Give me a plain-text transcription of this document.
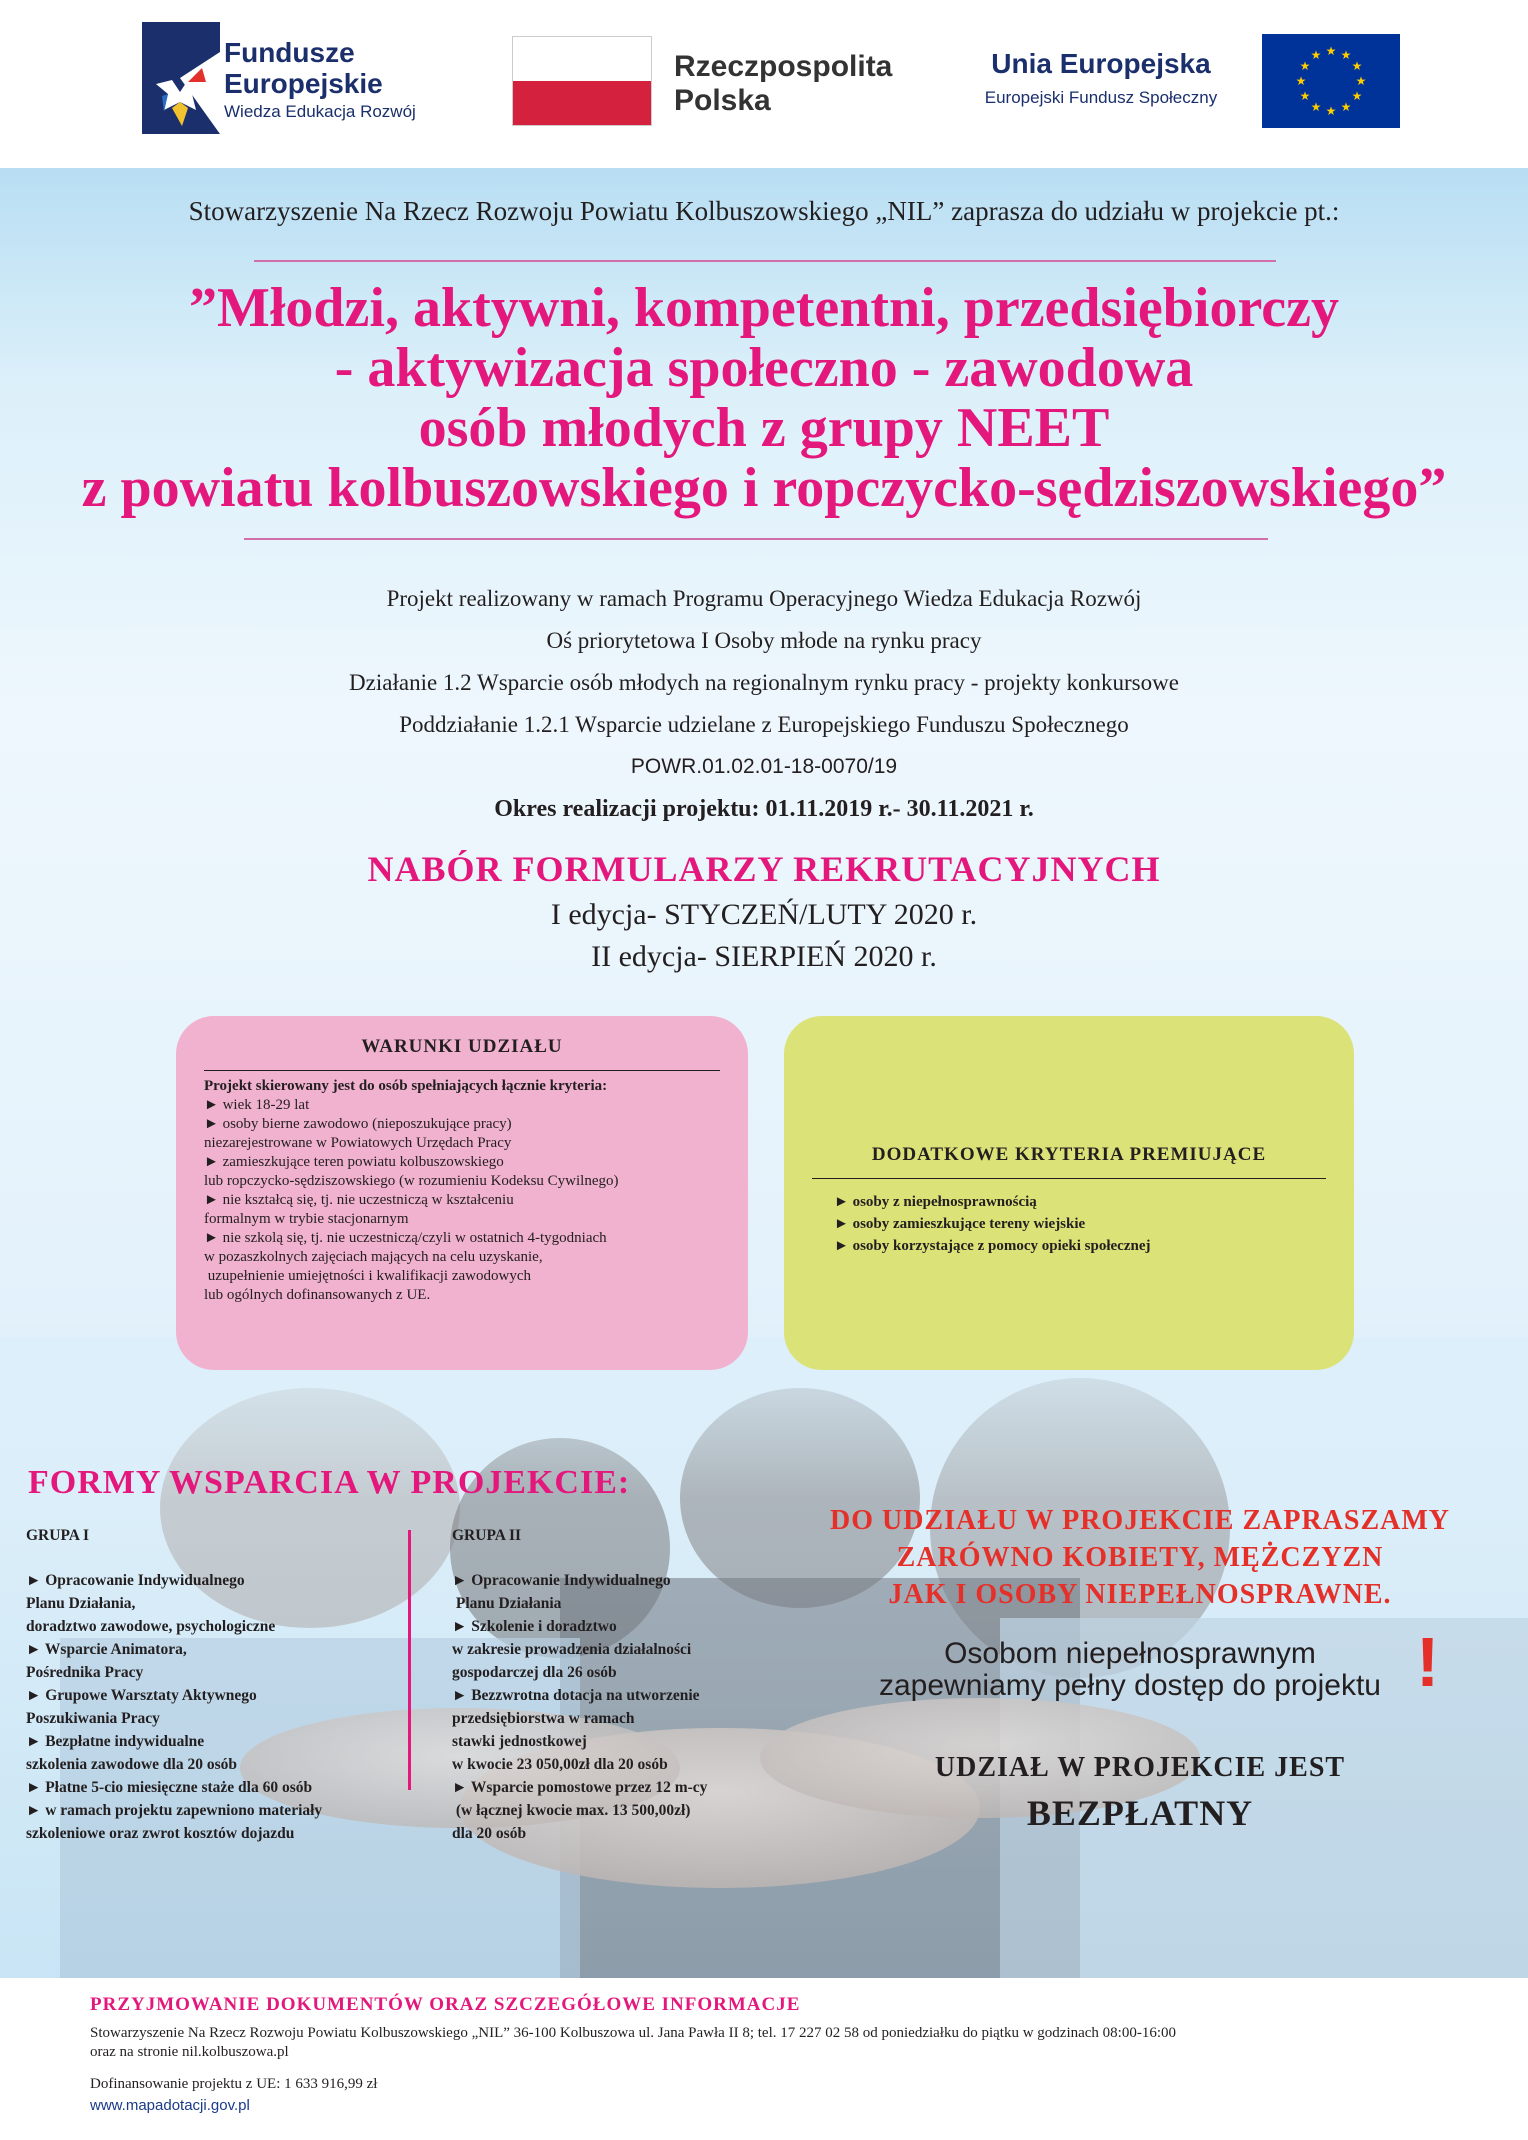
Fundusze
Europejskie
Wiedza Edukacja Rozwój
Rzeczpospolita
Polska
Unia Europejska
Europejski Fundusz Społeczny
★ ★
★
★
★
★
★
★
★
★
★
★
Stowarzyszenie Na Rzecz Rozwoju Powiatu Kolbuszowskiego „NIL” zaprasza do udziału w projekcie pt.:
”Młodzi, aktywni, kompetentni, przedsiębiorczy
- aktywizacja społeczno - zawodowa
osób młodych z grupy NEET
z powiatu kolbuszowskiego i ropczycko-sędziszowskiego”
Projekt realizowany w ramach Programu Operacyjnego Wiedza Edukacja Rozwój
Oś priorytetowa I Osoby młode na rynku pracy
Działanie 1.2 Wsparcie osób młodych na regionalnym rynku pracy - projekty konkursowe
Poddziałanie 1.2.1 Wsparcie udzielane z Europejskiego Funduszu Społecznego
POWR.01.02.01-18-0070/19
Okres realizacji projektu: 01.11.2019 r.- 30.11.2021 r.
NABÓR FORMULARZY REKRUTACYJNYCH
I edycja- STYCZEŃ/LUTY 2020 r.
II edycja- SIERPIEŃ 2020 r.
WARUNKI UDZIAŁU
Projekt skierowany jest do osób spełniających łącznie kryteria:
► wiek 18-29 lat
► osoby bierne zawodowo (nieposzukujące pracy)
niezarejestrowane w Powiatowych Urzędach Pracy
► zamieszkujące teren powiatu kolbuszowskiego
lub ropczycko-sędziszowskiego (w rozumieniu Kodeksu Cywilnego)
► nie kształcą się, tj. nie uczestniczą w kształceniu
formalnym w trybie stacjonarnym
► nie szkolą się, tj. nie uczestniczą/czyli w ostatnich 4-tygodniach
w pozaszkolnych zajęciach mających na celu uzyskanie,
uzupełnienie umiejętności i kwalifikacji zawodowych
lub ogólnych dofinansowanych z UE.
DODATKOWE KRYTERIA PREMIUJĄCE
► osoby z niepełnosprawnością
► osoby zamieszkujące tereny wiejskie
► osoby korzystające z pomocy opieki społecznej
FORMY WSPARCIA W PROJEKCIE:
GRUPA I
► Opracowanie Indywidualnego
Planu Działania,
doradztwo zawodowe, psychologiczne
► Wsparcie Animatora,
Pośrednika Pracy
► Grupowe Warsztaty Aktywnego
Poszukiwania Pracy
► Bezpłatne indywidualne
szkolenia zawodowe dla 20 osób
► Płatne 5-cio miesięczne staże dla 60 osób
► w ramach projektu zapewniono materiały
szkoleniowe oraz zwrot kosztów dojazdu
GRUPA II
► Opracowanie Indywidualnego
Planu Działania
► Szkolenie i doradztwo
w zakresie prowadzenia działalności
gospodarczej dla 26 osób
► Bezzwrotna dotacja na utworzenie
przedsiębiorstwa w ramach
stawki jednostkowej
w kwocie 23 050,00zł dla 20 osób
► Wsparcie pomostowe przez 12 m-cy
(w łącznej kwocie max. 13 500,00zł)
dla 20 osób
DO UDZIAŁU W PROJEKCIE ZAPRASZAMY
ZARÓWNO KOBIETY, MĘŻCZYZN
JAK I OSOBY NIEPEŁNOSPRAWNE.
Osobom niepełnosprawnym
zapewniamy pełny dostęp do projektu !
UDZIAŁ W PROJEKCIE JEST
BEZPŁATNY
PRZYJMOWANIE DOKUMENTÓW ORAZ SZCZEGÓŁOWE INFORMACJE
Stowarzyszenie Na Rzecz Rozwoju Powiatu Kolbuszowskiego „NIL” 36-100 Kolbuszowa ul. Jana Pawła II 8; tel. 17 227 02 58 od poniedziałku do piątku w godzinach 08:00-16:00
oraz na stronie nil.kolbuszowa.pl
Dofinansowanie projektu z UE: 1 633 916,99 zł
www.mapadotacji.gov.pl
